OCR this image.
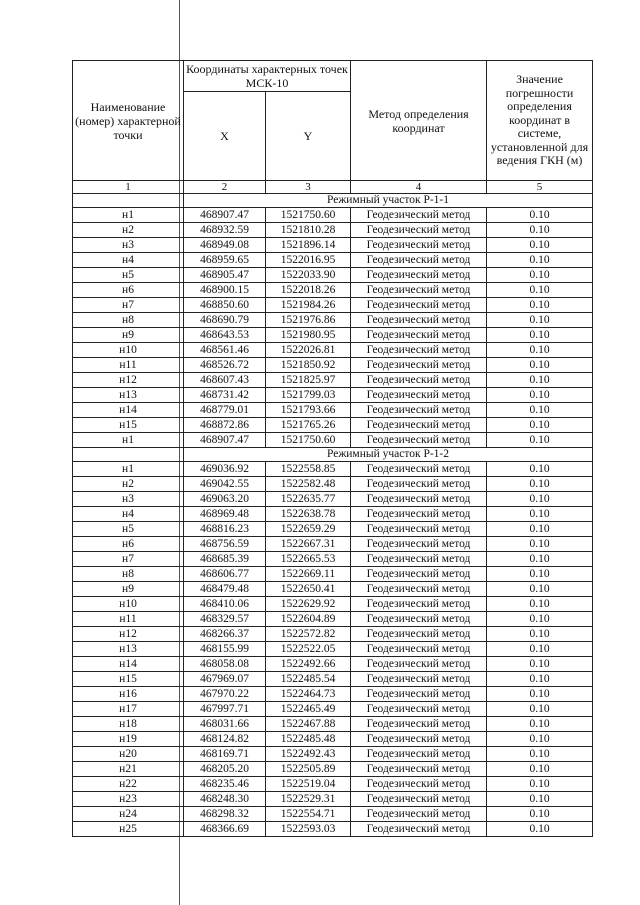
Наименование (номер) характерной точки	Координаты характерных точек МСК-10		Метод определения координат	Значение погрешности определения координат в системе, установленной для ведения ГКН (м)
	X	Y		
1	2	3	4	5
	Режимный участок Р-1-1			
н1	468907.47	1521750.60	Геодезический метод	0.10
н2	468932.59	1521810.28	Геодезический метод	0.10
н3	468949.08	1521896.14	Геодезический метод	0.10
н4	468959.65	1522016.95	Геодезический метод	0.10
н5	468905.47	1522033.90	Геодезический метод	0.10
н6	468900.15	1522018.26	Геодезический метод	0.10
н7	468850.60	1521984.26	Геодезический метод	0.10
н8	468690.79	1521976.86	Геодезический метод	0.10
н9	468643.53	1521980.95	Геодезический метод	0.10
н10	468561.46	1522026.81	Геодезический метод	0.10
н11	468526.72	1521850.92	Геодезический метод	0.10
н12	468607.43	1521825.97	Геодезический метод	0.10
н13	468731.42	1521799.03	Геодезический метод	0.10
н14	468779.01	1521793.66	Геодезический метод	0.10
н15	468872.86	1521765.26	Геодезический метод	0.10
н1	468907.47	1521750.60	Геодезический метод	0.10
	Режимный участок Р-1-2			
н1	469036.92	1522558.85	Геодезический метод	0.10
н2	469042.55	1522582.48	Геодезический метод	0.10
н3	469063.20	1522635.77	Геодезический метод	0.10
н4	468969.48	1522638.78	Геодезический метод	0.10
н5	468816.23	1522659.29	Геодезический метод	0.10
н6	468756.59	1522667.31	Геодезический метод	0.10
н7	468685.39	1522665.53	Геодезический метод	0.10
н8	468606.77	1522669.11	Геодезический метод	0.10
н9	468479.48	1522650.41	Геодезический метод	0.10
н10	468410.06	1522629.92	Геодезический метод	0.10
н11	468329.57	1522604.89	Геодезический метод	0.10
н12	468266.37	1522572.82	Геодезический метод	0.10
н13	468155.99	1522522.05	Геодезический метод	0.10
н14	468058.08	1522492.66	Геодезический метод	0.10
н15	467969.07	1522485.54	Геодезический метод	0.10
н16	467970.22	1522464.73	Геодезический метод	0.10
н17	467997.71	1522465.49	Геодезический метод	0.10
н18	468031.66	1522467.88	Геодезический метод	0.10
н19	468124.82	1522485.48	Геодезический метод	0.10
н20	468169.71	1522492.43	Геодезический метод	0.10
н21	468205.20	1522505.89	Геодезический метод	0.10
н22	468235.46	1522519.04	Геодезический метод	0.10
н23	468248.30	1522529.31	Геодезический метод	0.10
н24	468298.32	1522554.71	Геодезический метод	0.10
н25	468366.69	1522593.03	Геодезический метод	0.10
